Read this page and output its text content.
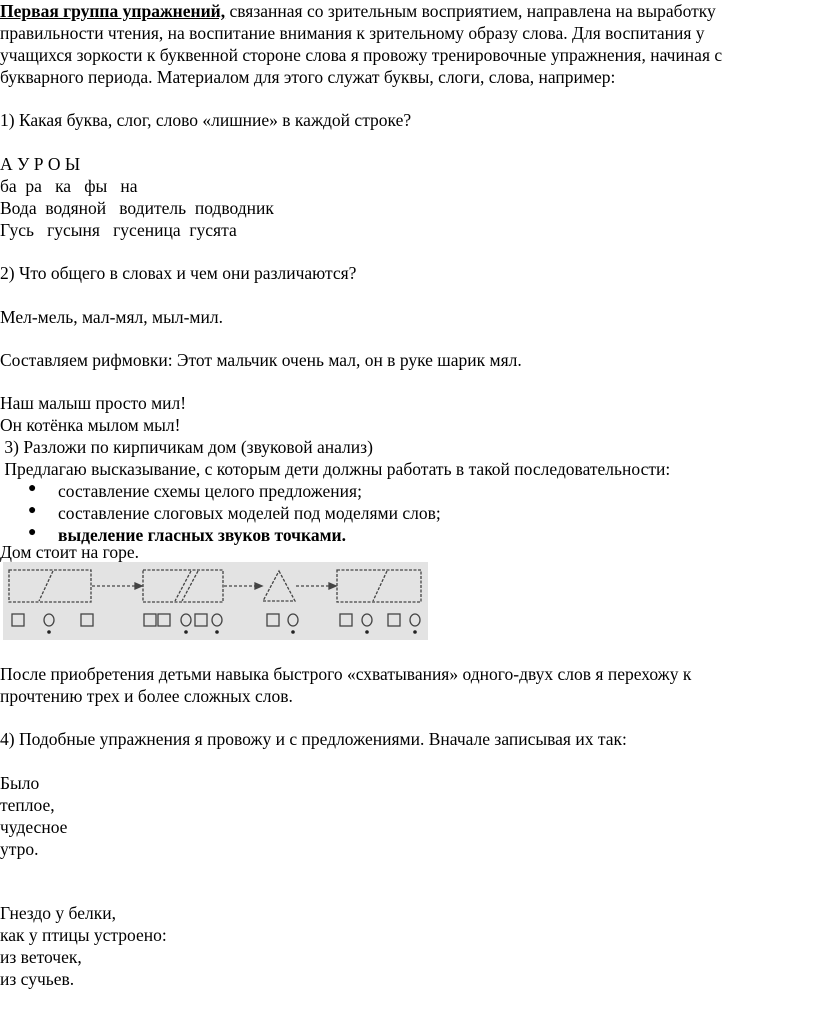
Первая группа упражнений, связанная со зрительным восприятием, направлена на выработку
правильности чтения, на воспитание внимания к зрительному образу слова. Для воспитания у
учащихся зоркости к буквенной стороне слова я провожу тренировочные упражнения, начиная с
букварного периода. Материалом для этого служат буквы, слоги, слова, например:
1) Какая буква, слог, слово «лишние» в каждой строке?
А У Р О Ы
ба  ра   ка   фы   на
Вода  водяной   водитель  подводник
Гусь   гусыня   гусеница  гусята
2) Что общего в словах и чем они различаются?
Мел-мель, мал-мял, мыл-мил.
Составляем рифмовки: Этот мальчик очень мал, он в руке шарик мял.
Наш малыш просто мил!
Он котёнка мылом мыл!
3) Разложи по кирпичикам дом (звуковой анализ)
Предлагаю высказывание, с которым дети должны работать в такой последовательности:
● составление схемы целого предложения;
● составление слоговых моделей под моделями слов;
● выделение гласных звуков точками.
Дом стоит на горе.
После приобретения детьми навыка быстрого «схватывания» одного-двух слов я перехожу к
прочтению трех и более сложных слов.
4) Подобные упражнения я провожу и с предложениями. Вначале записывая их так:
Было
теплое,
чудесное
утро.
Гнездо у белки,
как у птицы устроено:
из веточек,
из сучьев.
